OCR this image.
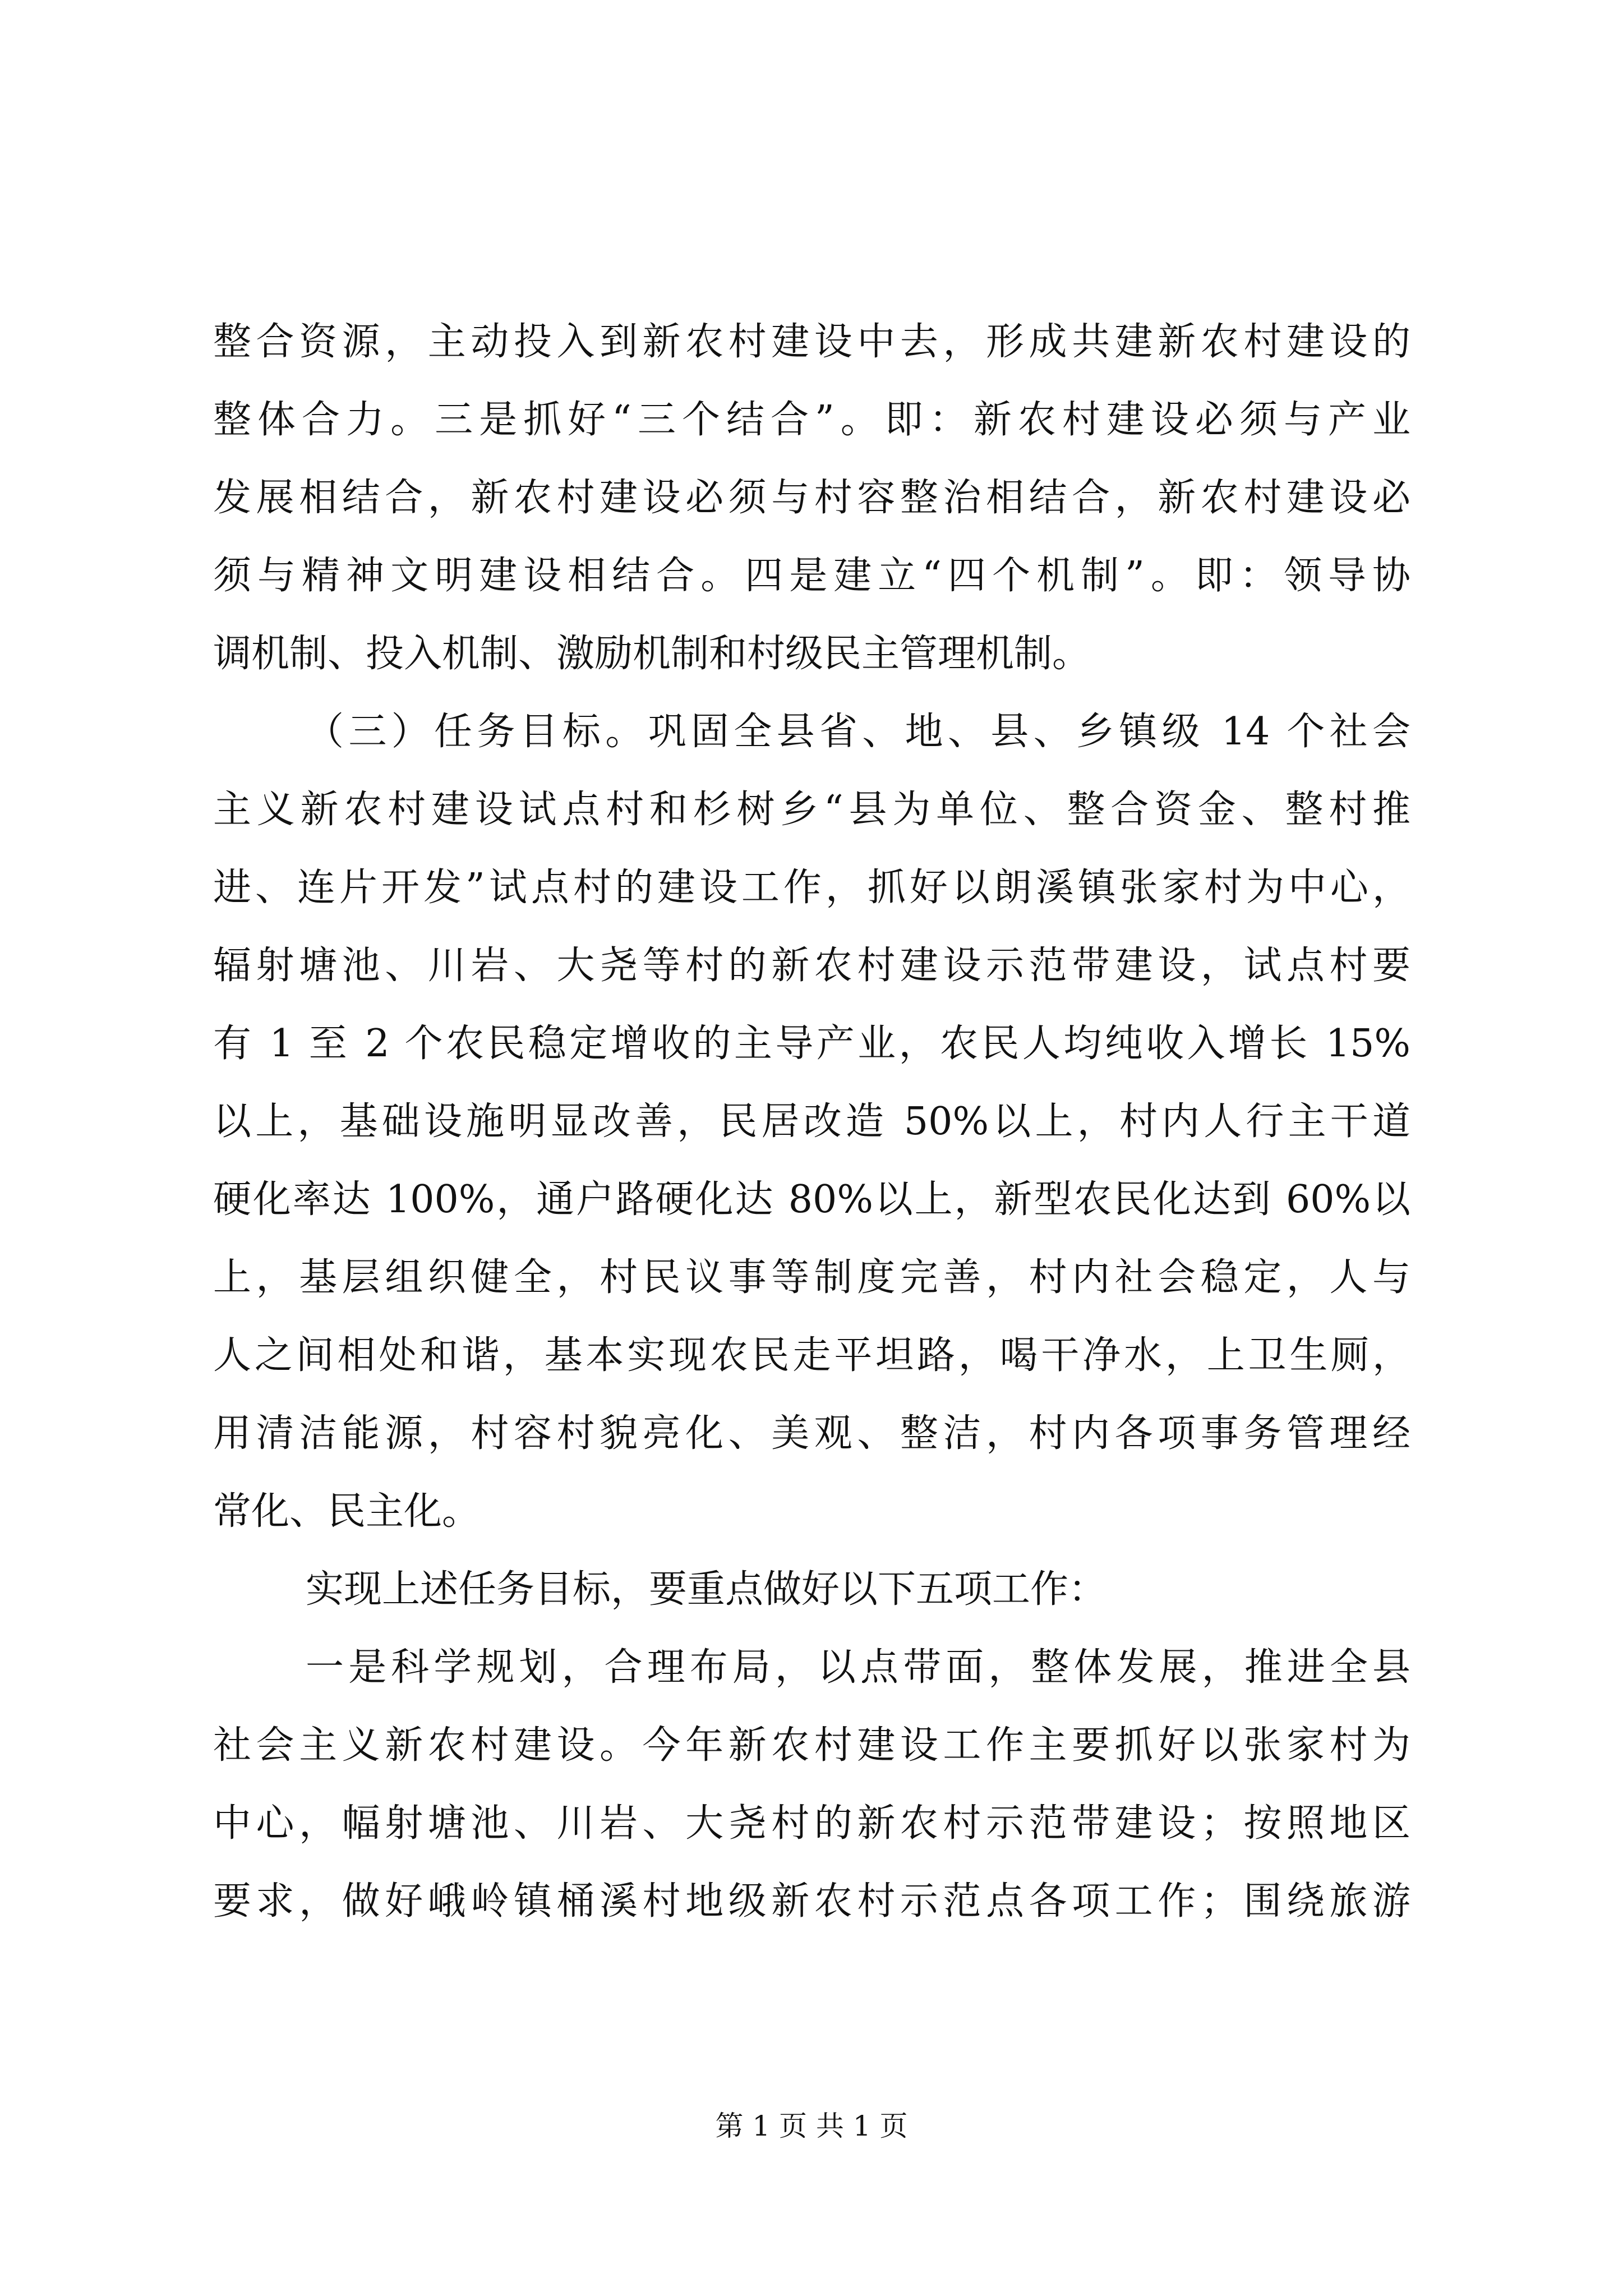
整合资源，主动投入到新农村建设中去，形成共建新农村建设的
整体合力。三是抓好“三个结合”。即：新农村建设必须与产业
发展相结合，新农村建设必须与村容整治相结合，新农村建设必
须与精神文明建设相结合。四是建立“四个机制”。即：领导协
调机制、投入机制、激励机制和村级民主管理机制。
（三）任务目标。巩固全县省、地、县、乡镇级 14 个社会
主义新农村建设试点村和杉树乡“县为单位、整合资金、整村推
进、连片开发”试点村的建设工作，抓好以朗溪镇张家村为中心，
辐射塘池、川岩、大尧等村的新农村建设示范带建设，试点村要
有 1 至 2 个农民稳定增收的主导产业，农民人均纯收入增长 15%
以上，基础设施明显改善，民居改造 50%以上，村内人行主干道
硬化率达 100%，通户路硬化达 80%以上，新型农民化达到 60%以
上，基层组织健全，村民议事等制度完善，村内社会稳定，人与
人之间相处和谐，基本实现农民走平坦路，喝干净水，上卫生厕，
用清洁能源，村容村貌亮化、美观、整洁，村内各项事务管理经
常化、民主化。
实现上述任务目标，要重点做好以下五项工作：
一是科学规划，合理布局，以点带面，整体发展，推进全县
社会主义新农村建设。今年新农村建设工作主要抓好以张家村为
中心，幅射塘池、川岩、大尧村的新农村示范带建设；按照地区
要求，做好峨岭镇桶溪村地级新农村示范点各项工作；围绕旅游
第 1 页 共 1 页
